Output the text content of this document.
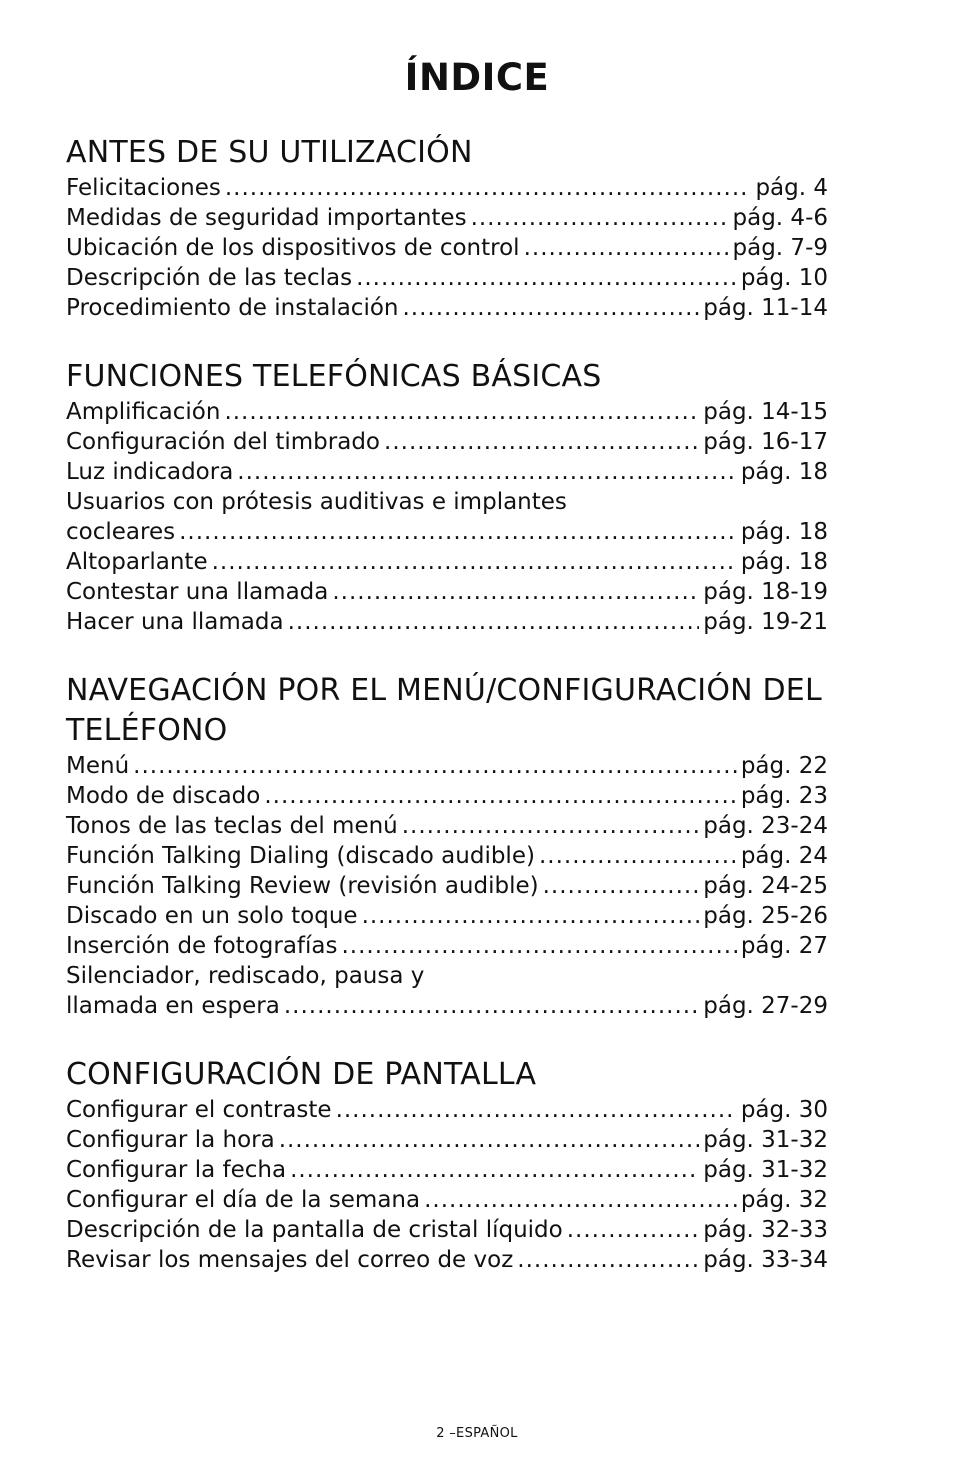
ÍNDICE
ANTES DE SU UTILIZACIÓN
Felicitaciones .....	pág. 4
Medidas de seguridad importantes .....	pág. 4-6
Ubicación de los dispositivos de control .....	pág. 7-9
Descripción de las teclas .....	pág. 10
Procedimiento de instalación .....	pág. 11-14
FUNCIONES TELEFÓNICAS BÁSICAS
Amplificación .....	pág. 14-15
Configuración del timbrado .....	pág. 16-17
Luz indicadora .....	pág. 18
Usuarios con prótesis auditivas e implantes
cocleares .....	pág. 18
Altoparlante .....	pág. 18
Contestar una llamada .....	pág. 18-19
Hacer una llamada .....	pág. 19-21
NAVEGACIÓN POR EL MENÚ/CONFIGURACIÓN DEL
TELÉFONO
Menú .....	pág. 22
Modo de discado .....	pág. 23
Tonos de las teclas del menú .....	pág. 23-24
Función Talking Dialing (discado audible) .....	pág. 24
Función Talking Review (revisión audible) .....	pág. 24-25
Discado en un solo toque .....	pág. 25-26
Inserción de fotografías .....	pág. 27
Silenciador, rediscado, pausa y
llamada en espera .....	pág. 27-29
CONFIGURACIÓN DE PANTALLA
Configurar el contraste .....	pág. 30
Configurar la hora .....	pág. 31-32
Configurar la fecha .....	pág. 31-32
Configurar el día de la semana .....	pág. 32
Descripción de la pantalla de cristal líquido .....	pág. 32-33
Revisar los mensajes del correo de voz .....	pág. 33-34
2 –ESPAÑOL
